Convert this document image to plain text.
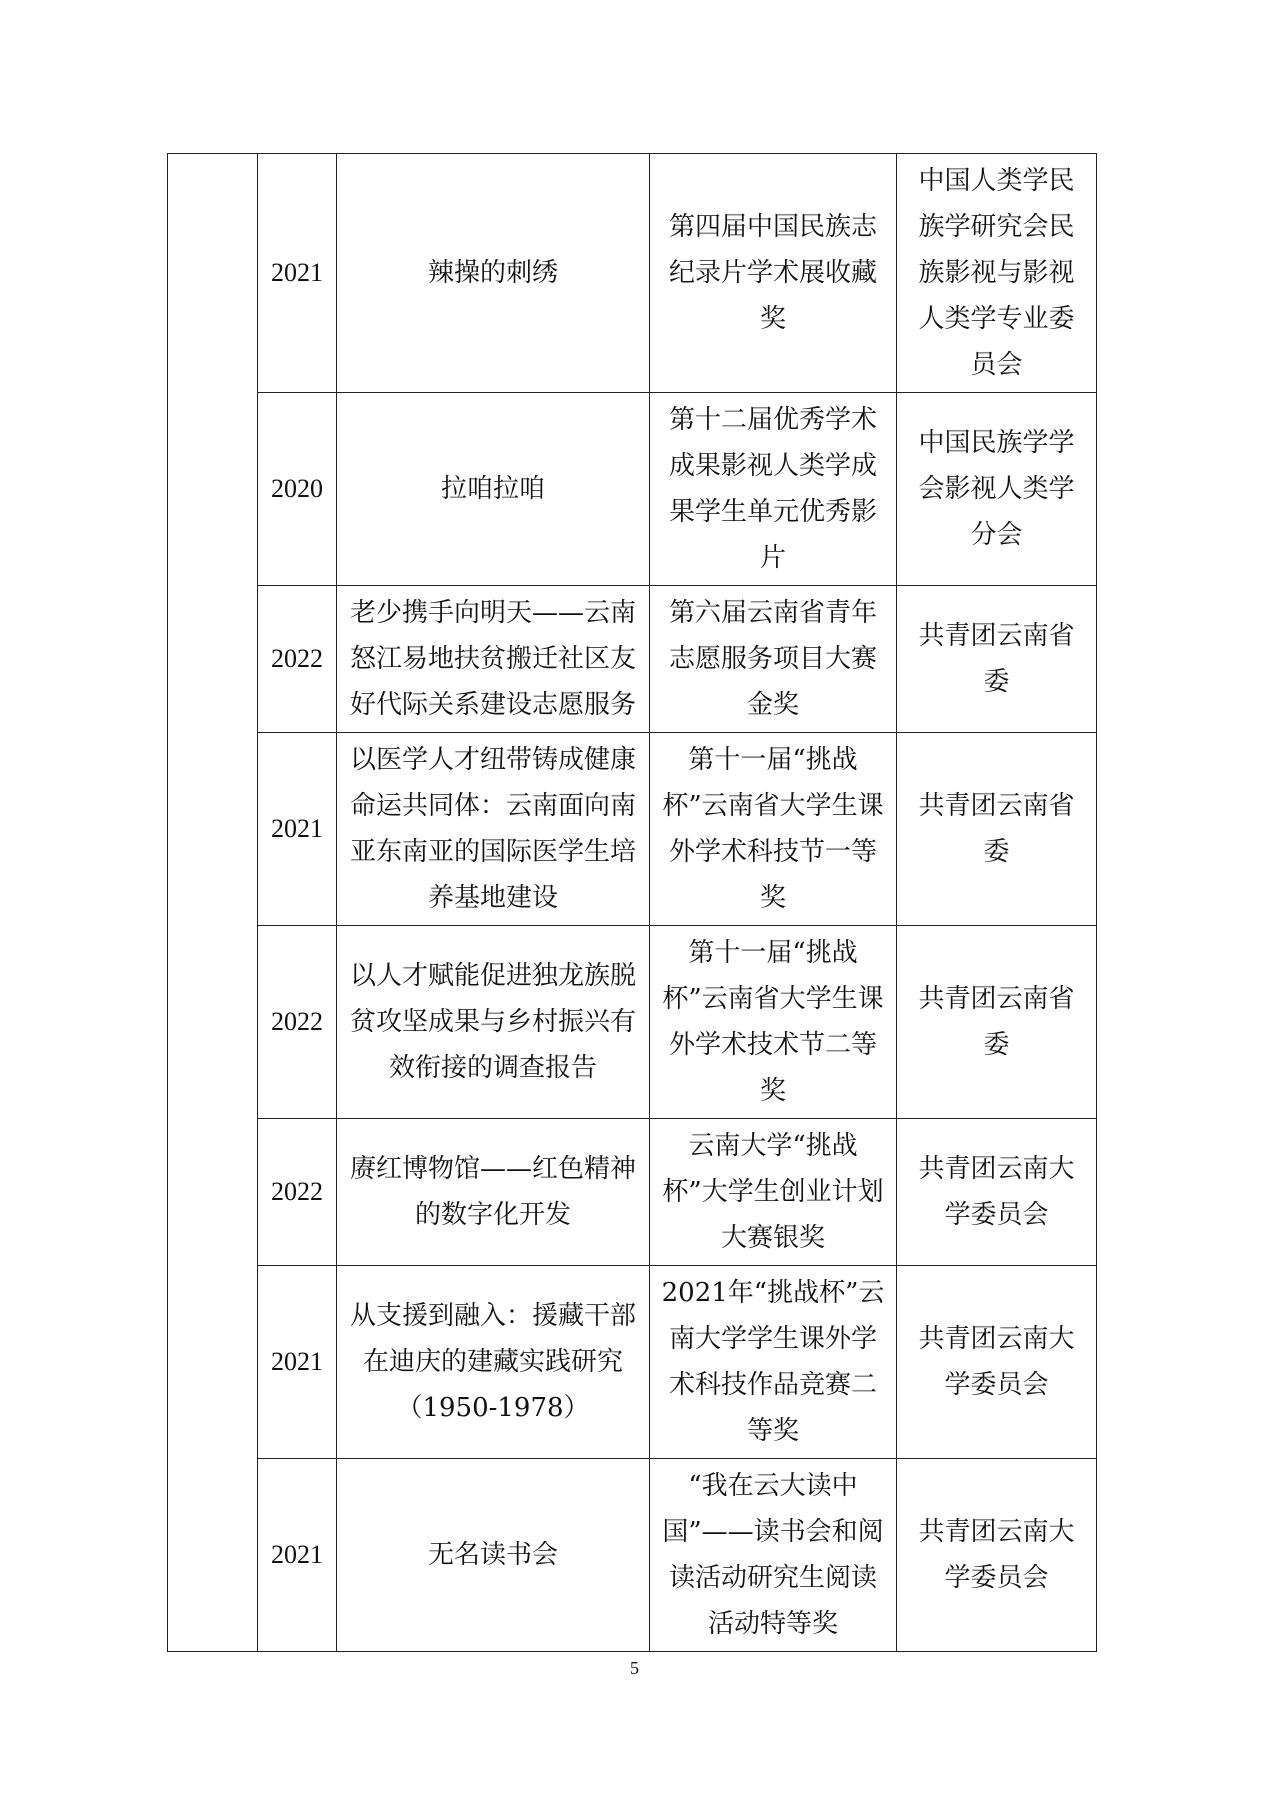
	2021	辣操的刺绣	第四届中国民族志纪录片学术展收藏奖	中国人类学民族学研究会民族影视与影视人类学专业委员会
	2020	拉咱拉咱	第十二届优秀学术成果影视人类学成果学生单元优秀影片	中国民族学学会影视人类学分会
	2022	老少携手向明天——云南怒江易地扶贫搬迁社区友好代际关系建设志愿服务	第六届云南省青年志愿服务项目大赛金奖	共青团云南省委
	2021	以医学人才纽带铸成健康命运共同体：云南面向南亚东南亚的国际医学生培养基地建设	第十一届“挑战杯”云南省大学生课外学术科技节一等奖	共青团云南省委
	2022	以人才赋能促进独龙族脱贫攻坚成果与乡村振兴有效衔接的调查报告	第十一届“挑战杯”云南省大学生课外学术技术节二等奖	共青团云南省委
	2022	赓红博物馆——红色精神的数字化开发	云南大学“挑战杯”大学生创业计划大赛银奖	共青团云南大学委员会
	2021	从支援到融入：援藏干部在迪庆的建藏实践研究（1950-1978）	2021年“挑战杯”云南大学学生课外学术科技作品竞赛二等奖	共青团云南大学委员会
	2021	无名读书会	“我在云大读中国”——读书会和阅读活动研究生阅读活动特等奖	共青团云南大学委员会
5
